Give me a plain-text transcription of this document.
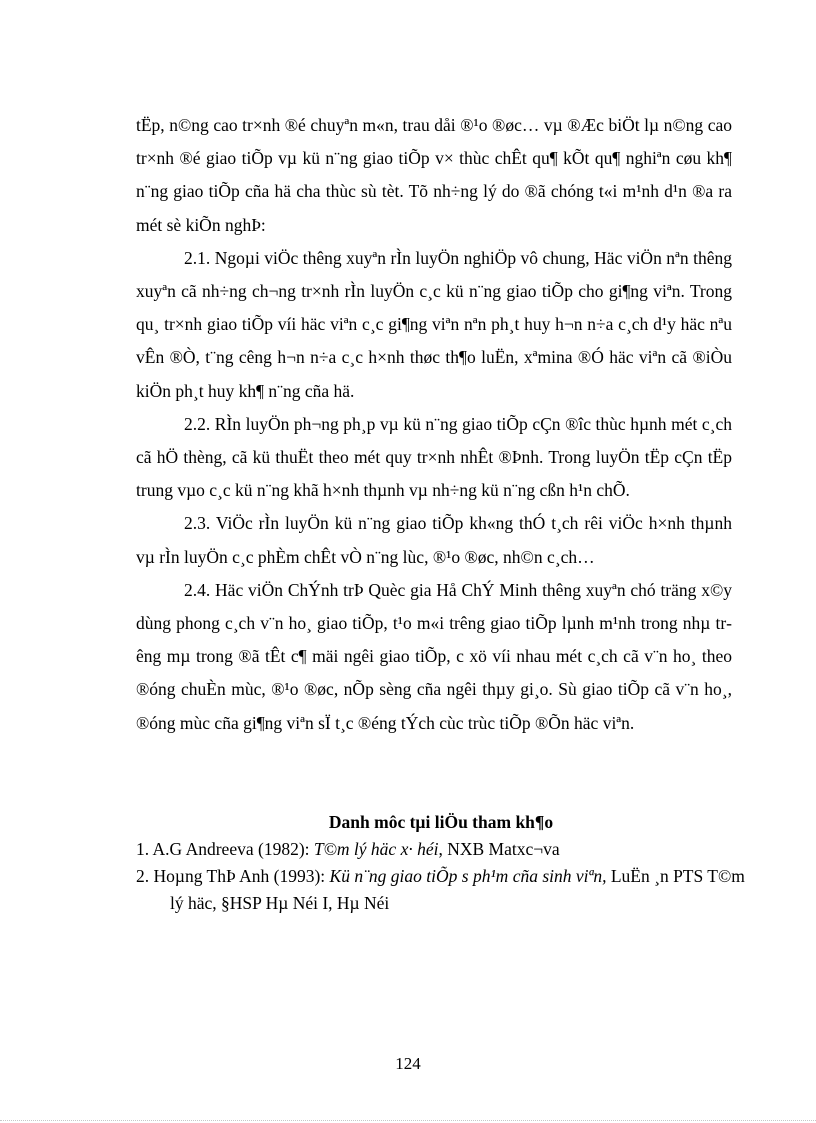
tËp, n©ng cao tr×nh ®é chuyªn m«n, trau dåi ®¹o ®øc… vµ ®Æc biÖt lµ n©ng cao tr×nh ®é giao tiÕp vµ kü n¨ng giao tiÕp v× thùc chÊt qu¶ kÕt qu¶ nghiªn cøu kh¶ n¨ng giao tiÕp cña hä cha thùc sù tèt. Tõ nh÷ng lý do ®ã chóng t«i m¹nh d¹n ®a ra mét sè kiÕn nghÞ:

2.1. Ngoµi viÖc thêng xuyªn rÌn luyÖn nghiÖp vô chung, Häc viÖn nªn thêng xuyªn cã nh÷ng ch¬ng tr×nh rÌn luyÖn c¸c kü n¨ng giao tiÕp cho gi¶ng viªn. Trong qu¸ tr×nh giao tiÕp víi häc viªn c¸c gi¶ng viªn nªn ph¸t huy h¬n n÷a c¸ch d¹y häc nªu vÊn ®Ò, t¨ng cêng h¬n n÷a c¸c h×nh thøc th¶o luËn, xªmina ®Ó häc viªn cã ®iÒu kiÖn ph¸t huy kh¶ n¨ng cña hä.

2.2. RÌn luyÖn ph¬ng ph¸p vµ kü n¨ng giao tiÕp cÇn ®îc thùc hµnh mét c¸ch cã hÖ thèng, cã kü thuËt theo mét quy tr×nh nhÊt ®Þnh. Trong luyÖn tËp cÇn tËp trung vµo c¸c kü n¨ng khã h×nh thµnh vµ nh÷ng kü n¨ng cßn h¹n chÕ.

2.3. ViÖc rÌn luyÖn kü n¨ng giao tiÕp kh«ng thÓ t¸ch rêi viÖc h×nh thµnh vµ rÌn luyÖn c¸c phÈm chÊt vÒ n¨ng lùc, ®¹o ®øc, nh©n c¸ch…

2.4. Häc viÖn ChÝnh trÞ Quèc gia Hå ChÝ Minh thêng xuyªn chó träng x©y dùng phong c¸ch v¨n ho¸ giao tiÕp, t¹o m«i trêng giao tiÕp lµnh m¹nh trong nhµ trêng mµ trong ®ã tÊt c¶ mäi ngêi giao tiÕp, c xö víi nhau mét c¸ch cã v¨n ho¸ theo ®óng chuÈn mùc, ®¹o ®øc, nÕp sèng cña ngêi thµy gi¸o. Sù giao tiÕp cã v¨n ho¸, ®óng mùc cña gi¶ng viªn sÏ t¸c ®éng tÝch cùc trùc tiÕp ®Õn häc viªn.

Danh môc tµi liÖu tham kh¶o

1. A.G Andreeva (1982): T©m lý häc x· héi, NXB Matxc¬va

2. Hoµng ThÞ Anh (1993): Kü n¨ng giao tiÕp s ph¹m cña sinh viªn, LuËn ¸n PTS T©m lý häc, §HSP Hµ Néi I, Hµ Néi

124
